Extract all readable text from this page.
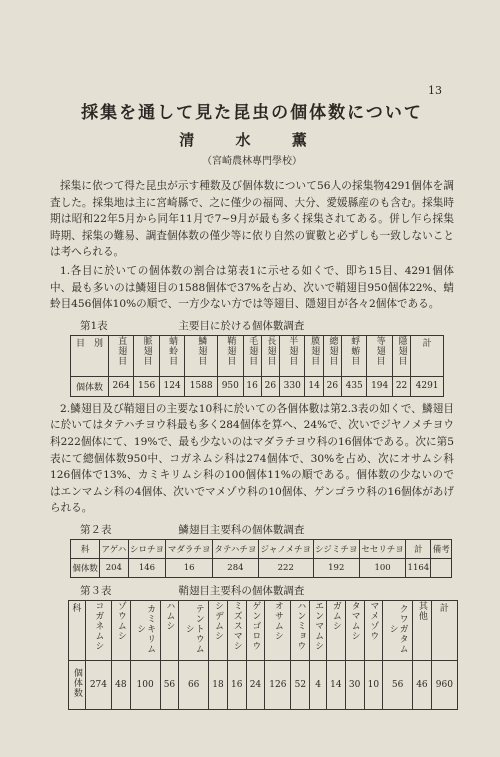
13
採集を通して見た昆虫の個体数について
清 水 薫
（宮崎農林專門學校）

採集に依つて得た昆虫が示す種数及び個体数について56人の採集物4291個体を調査した。採集地は主に宮崎縣で、之に僅少の福岡、大分、愛媛縣産のも含む。採集時期は昭和22年5月から同年11月で7~9月が最も多く採集されてある。併し乍ら採集時期、採集の難易、調査個体数の僅少等に依り自然の實數と必ずしも一致しないことは考へられる。

1.各目に於いての個体数の割合は第表1に示せる如くで、即ち15目、4291個体中、最も多いのは鱗翅目の1588個体で37%を占め、次いで鞘翅目950個体22%、蜻蛉目456個体10%の順で、一方少ない方では等翅目、隱翅目が各々2個体である。

第1表	主要目に於ける個体數調査
目　別	直翅目	脈翅目	蜻蛉目	鱗翅目	鞘翅目	毛翅目	長翅目	半翅目	膜翅目	總翅目	蜉蝣目	等翅目	隱翅目	計
個体数	264	156	124	1588	950	16	26	330	14	26	435	194	22	4291

2.鱗翅目及び鞘翅目の主要な10科に於いての各個体數は第2.3表の如くで、鱗翅目に於いてはタテハチヨウ科最も多く284個体を算へ、24%で、次いでジヤノメチヨウ科222個体にて、19%で、最も少ないのはマダラチヨウ科の16個体である。次に第5表にて總個体数950中、コガネムシ科は274個体で、30%を占め、次にオサムシ科126個体で13%、カミキリムシ科の100個体11%の順である。個体数の少ないのではエンマムシ科の4個体、次いでマメゾウ科の10個体、ゲンゴラウ科の16個体があげられる。

第２表	鱗翅目主要科の個体數調査
科	アゲハ	シロチヨ	マダラチヨ	タテハチヨ	ジャノメチヨ	シジミチヨ	セセリチヨ	計	備考
個体数	204	146	16	284	222	192	100	1164	
第３表	鞘翅目主要科の個体數調査
科	コガネムシ	ゾウムシ	カミキリムシ	ハムシ	テントウムシ	シデムシ	ミズスマシ	ゲンゴロウ	オサムシ	ハンミョウ	エンマムシ	ガムシ	タマムシ	マメゾウ	クワガタムシ	其他	計
個体数	274	48	100	56	66	18	16	24	126	52	4	14	30	10	56	46	960
